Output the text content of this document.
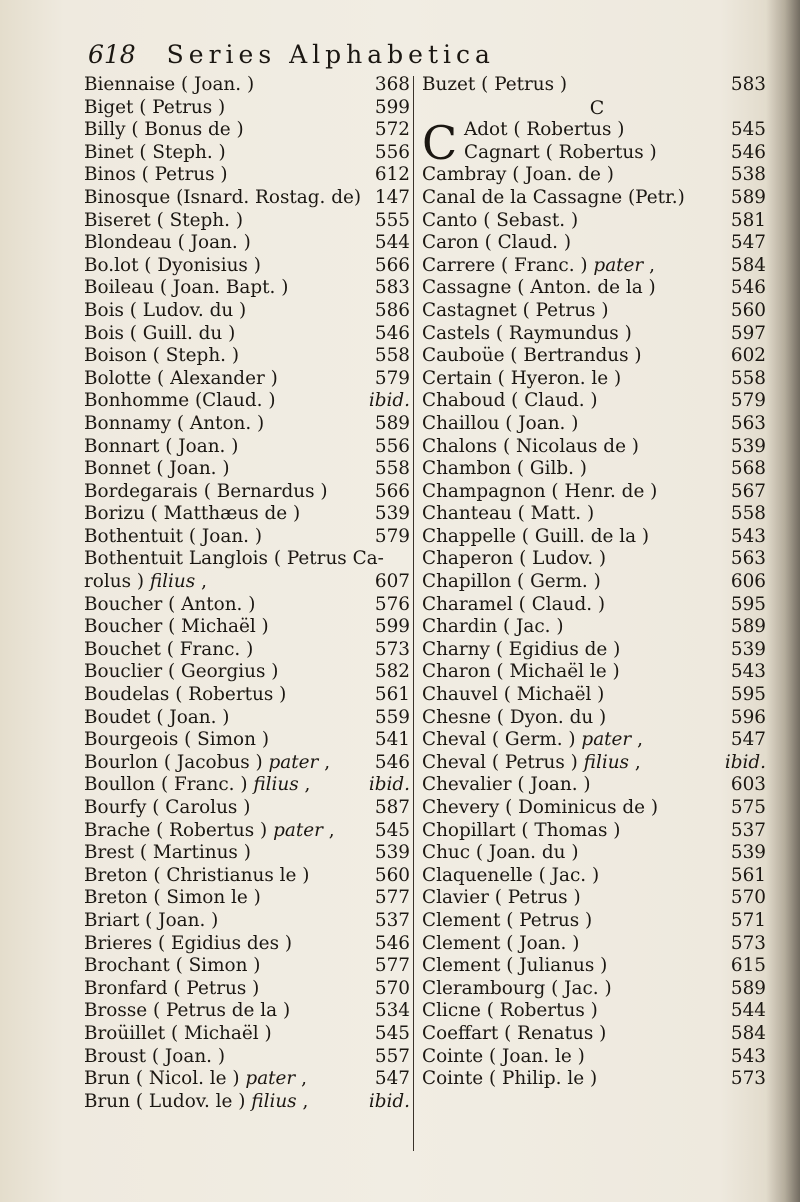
618 Series Alphabetica
Biennaise ( Joan. )	368
Biget ( Petrus )	599
Billy ( Bonus de )	572
Binet ( Steph. )	556
Binos ( Petrus )	612
Binosque (Isnard. Rostag. de) 147
Biseret ( Steph. )	555
Blondeau ( Joan. )	544
Bo.lot ( Dyonisius )	566
Boileau ( Joan. Bapt. )	583
Bois ( Ludov. du )	586
Bois ( Guill. du )	546
Boison ( Steph. )	558
Bolotte ( Alexander )	579
Bonhomme (Claud. )	ibid.
Bonnamy ( Anton. )	589
Bonnart ( Joan. )	556
Bonnet ( Joan. )	558
Bordegarais ( Bernardus )	566
Borizu ( Matthæus de )	539
Bothentuit ( Joan. )	579
Bothentuit Langlois ( Petrus Ca-
rolus ) filius ,	607
Boucher ( Anton. )	576
Boucher ( Michaël )	599
Bouchet ( Franc. )	573
Bouclier ( Georgius )	582
Boudelas ( Robertus )	561
Boudet ( Joan. )	559
Bourgeois ( Simon )	541
Bourlon ( Jacobus ) pater , 546
Boullon ( Franc. ) filius ,	ibid.
Bourfy ( Carolus )	587
Brache ( Robertus ) pater , 545
Brest ( Martinus )	539
Breton ( Christianus le )	560
Breton ( Simon le )	577
Briart ( Joan. )	537
Brieres ( Egidius des )	546
Brochant ( Simon )	577
Bronfard ( Petrus )	570
Brosse ( Petrus de la )	534
Broüillet ( Michaël )	545
Broust ( Joan. )	557
Brun ( Nicol. le ) pater ,	547
Brun ( Ludov. le ) filius ,	ibid.
Buzet ( Petrus )	583
C
Adot ( Robertus )	545
C Cagnart ( Robertus )	546
Cambray ( Joan. de )	538
Canal de la Cassagne (Petr.)	589
Canto ( Sebast. )	581
Caron ( Claud. )	547
Carrere ( Franc. ) pater ,	584
Cassagne ( Anton. de la )	546
Castagnet ( Petrus )	560
Castels ( Raymundus )	597
Cauboüe ( Bertrandus )	602
Certain ( Hyeron. le )	558
Chaboud ( Claud. )	579
Chaillou ( Joan. )	563
Chalons ( Nicolaus de )	539
Chambon ( Gilb. )	568
Champagnon ( Henr. de )	567
Chanteau ( Matt. )	558
Chappelle ( Guill. de la )	543
Chaperon ( Ludov. )	563
Chapillon ( Germ. )	606
Charamel ( Claud. )	595
Chardin ( Jac. )	589
Charny ( Egidius de )	539
Charon ( Michaël le )	543
Chauvel ( Michaël )	595
Chesne ( Dyon. du )	596
Cheval ( Germ. ) pater ,	547
Cheval ( Petrus ) filius ,	ibid.
Chevalier ( Joan. )	603
Chevery ( Dominicus de )	575
Chopillart ( Thomas )	537
Chuc ( Joan. du )	539
Claquenelle ( Jac. )	561
Clavier ( Petrus )	570
Clement ( Petrus )	571
Clement ( Joan. )	573
Clement ( Julianus )	615
Clerambourg ( Jac. )	589
Clicne ( Robertus )	544
Coeffart ( Renatus )	584
Cointe ( Joan. le )	543
Cointe ( Philip. le )	573
